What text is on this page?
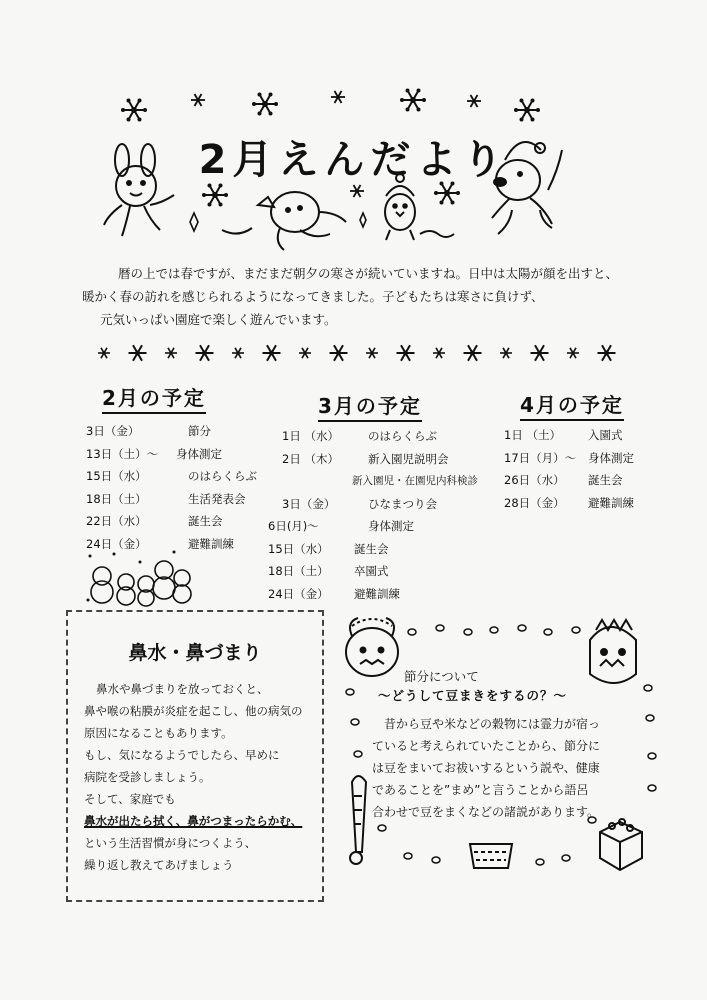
2月えんだより

暦の上では春ですが、まだまだ朝夕の寒さが続いていますね。日中は太陽が顔を出すと、

暖かく春の訪れを感じられるようになってきました。子どもたちは寒さに負けず、

元気いっぱい園庭で楽しく遊んでいます。

2月の予定
3日（金）	節分
13日（土）～ 身体測定
15日（水）	のはらくらぶ
18日（土）	生活発表会
22日（水）	誕生会
24日（金）	避難訓練
3月の予定
1日 （水）	のはらくらぶ
2日 （木）	新入園児説明会
新入園児・在園児内科検診
3日（金）	ひなまつり会
6日(月)～	身体測定
15日（水） 誕生会
18日（土） 卒園式
24日（金） 避難訓練
4月の予定
1日 （土） 入園式
17日（月）～ 身体測定
26日（水） 誕生会
28日（金） 避難訓練
鼻水・鼻づまり

鼻水や鼻づまりを放っておくと、

鼻や喉の粘膜が炎症を起こし、他の病気の

原因になることもあります。

もし、気になるようでしたら、早めに

病院を受診しましょう。

そして、家庭でも

鼻水が出たら拭く、鼻がつまったらかむ、

という生活習慣が身につくよう、

繰り返し教えてあげましょう

節分について
～どうして豆まきをするの？～

昔から豆や米などの穀物には霊力が宿っ

ていると考えられていたことから、節分に

は豆をまいてお祓いするという説や、健康

であることを”まめ”と言うことから語呂

合わせで豆をまくなどの諸説があります。
